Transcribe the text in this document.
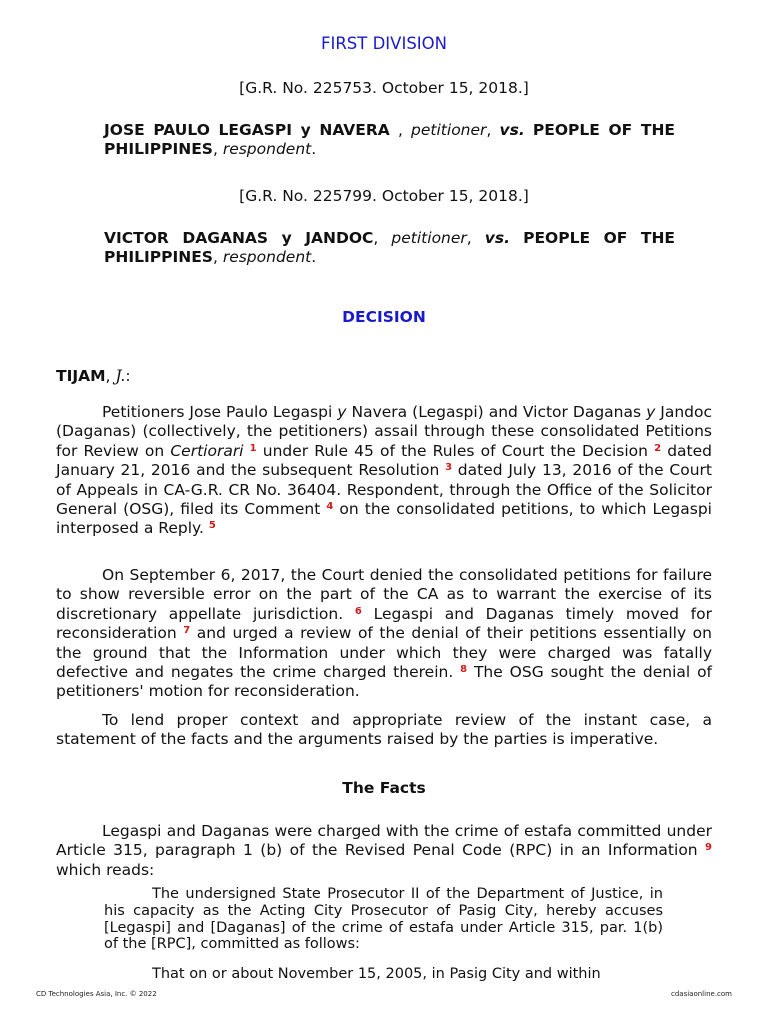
FIRST DIVISION
[G.R. No. 225753. October 15, 2018.]
JOSE PAULO LEGASPI y NAVERA , petitioner, vs. PEOPLE OF THE PHILIPPINES, respondent.
[G.R. No. 225799. October 15, 2018.]
VICTOR DAGANAS y JANDOC, petitioner, vs. PEOPLE OF THE PHILIPPINES, respondent.
DECISION
TIJAM, J.:

Petitioners Jose Paulo Legaspi y Navera (Legaspi) and Victor Daganas y Jandoc (Daganas) (collectively, the petitioners) assail through these consolidated Petitions for Review on Certiorari $^1$ under Rule 45 of the Rules of Court the Decision $^2$ dated January 21, 2016 and the subsequent Resolution $^3$ dated July 13, 2016 of the Court of Appeals in CA-G.R. CR No. 36404. Respondent, through the Office of the Solicitor General (OSG), filed its Comment $^4$ on the consolidated petitions, to which Legaspi interposed a Reply. $^5$

On September 6, 2017, the Court denied the consolidated petitions for failure to show reversible error on the part of the CA as to warrant the exercise of its discretionary appellate jurisdiction. $^6$ Legaspi and Daganas timely moved for reconsideration $^7$ and urged a review of the denial of their petitions essentially on the ground that the Information under which they were charged was fatally defective and negates the crime charged therein. $^8$ The OSG sought the denial of petitioners' motion for reconsideration.

To lend proper context and appropriate review of the instant case, a statement of the facts and the arguments raised by the parties is imperative.

The Facts

Legaspi and Daganas were charged with the crime of estafa committed under Article 315, paragraph 1 (b) of the Revised Penal Code (RPC) in an Information $^9$ which reads:

The undersigned State Prosecutor II of the Department of Justice, in his capacity as the Acting City Prosecutor of Pasig City, hereby accuses [Legaspi] and [Daganas] of the crime of estafa under Article 315, par. 1(b) of the [RPC], committed as follows:

That on or about November 15, 2005, in Pasig City and within

CD Technologies Asia, Inc. © 2022	cdasiaonline.com
